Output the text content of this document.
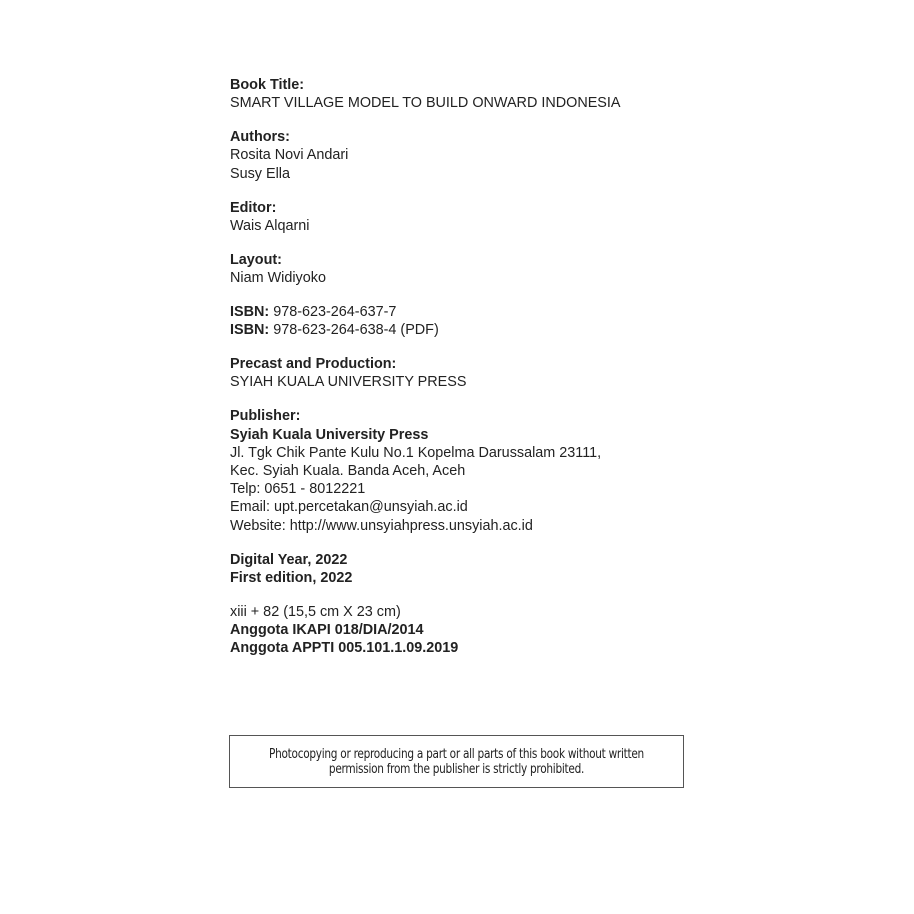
Book Title:
SMART VILLAGE MODEL TO BUILD ONWARD INDONESIA
Authors:
Rosita Novi Andari
Susy Ella
Editor:
Wais Alqarni
Layout:
Niam Widiyoko
ISBN: 978-623-264-637-7
ISBN: 978-623-264-638-4 (PDF)
Precast and Production:
SYIAH KUALA UNIVERSITY PRESS
Publisher:
Syiah Kuala University Press
Jl. Tgk Chik Pante Kulu No.1 Kopelma Darussalam 23111,
Kec. Syiah Kuala. Banda Aceh, Aceh
Telp: 0651 - 8012221
Email: upt.percetakan@unsyiah.ac.id
Website: http://www.unsyiahpress.unsyiah.ac.id
Digital Year, 2022
First edition, 2022
xiii + 82 (15,5 cm X 23 cm)
Anggota IKAPI 018/DIA/2014
Anggota APPTI 005.101.1.09.2019
Photocopying or reproducing a part or all parts of this book without written permission from the publisher is strictly prohibited.
